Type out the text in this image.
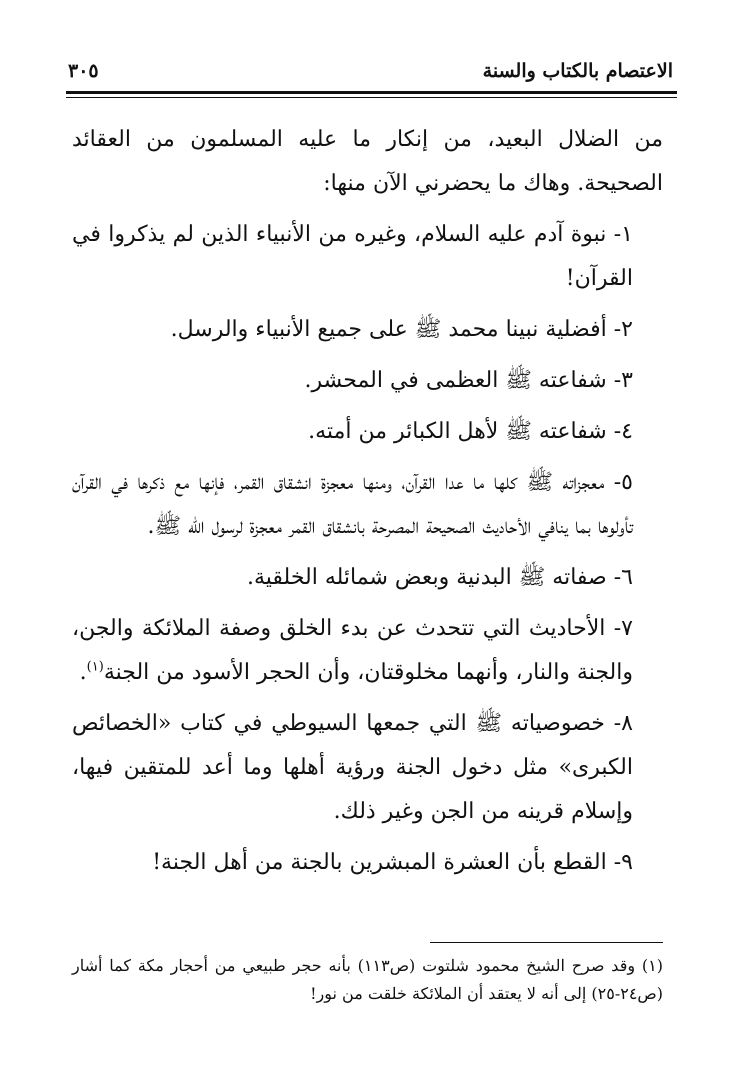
الاعتصام بالكتاب والسنة
٣٠٥

من الضلال البعيد، من إنكار ما عليه المسلمون من العقائد الصحيحة. وهاك ما يحضرني الآن منها:

١- نبوة آدم عليه السلام، وغيره من الأنبياء الذين لم يذكروا في القرآن!

٢- أفضلية نبينا محمد ﷺ على جميع الأنبياء والرسل.

٣- شفاعته ﷺ العظمى في المحشر.

٤- شفاعته ﷺ لأهل الكبائر من أمته.

٥- معجزاته ﷺ كلها ما عدا القرآن، ومنها معجزة انشقاق القمر، فإنها مع ذكرها في القرآن تأولوها بما ينافي الأحاديث الصحيحة المصرحة بانشقاق القمر معجزة لرسول الله ﷺ.

٦- صفاته ﷺ البدنية وبعض شمائله الخلقية.

٧- الأحاديث التي تتحدث عن بدء الخلق وصفة الملائكة والجن، والجنة والنار، وأنهما مخلوقتان، وأن الحجر الأسود من الجنة$^{(١)}$.

٨- خصوصياته ﷺ التي جمعها السيوطي في كتاب «الخصائص الكبرى» مثل دخول الجنة ورؤية أهلها وما أعد للمتقين فيها، وإسلام قرينه من الجن وغير ذلك.

٩- القطع بأن العشرة المبشرين بالجنة من أهل الجنة!

(١) وقد صرح الشيخ محمود شلتوت (ص١١٣) بأنه حجر طبيعي من أحجار مكة كما أشار (ص٢٤-٢٥) إلى أنه لا يعتقد أن الملائكة خلقت من نور!
